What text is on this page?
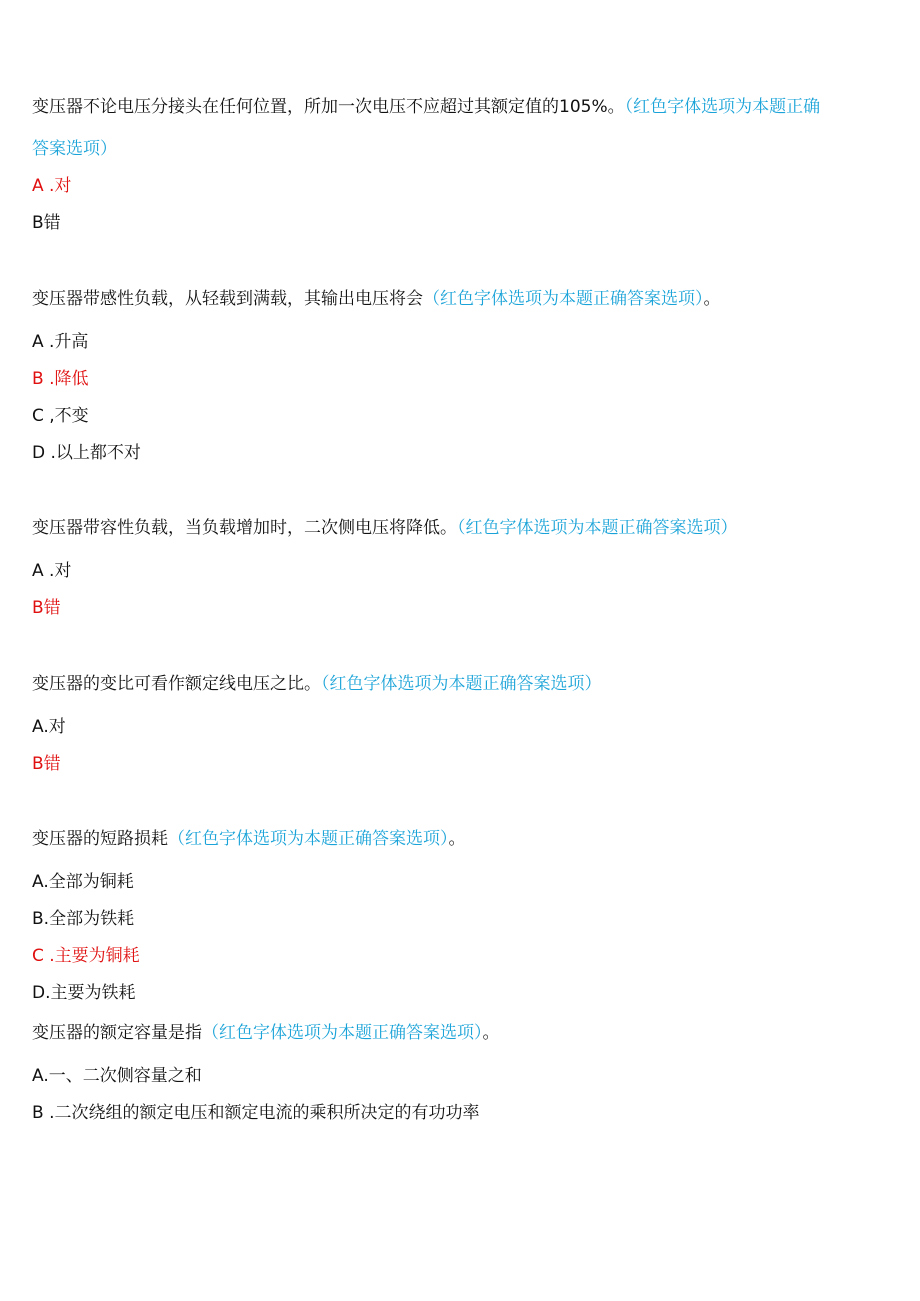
变压器不论电压分接头在任何位置，所加一次电压不应超过其额定值的105%。（红色字体选项为本题正确答案选项）
A .对
B错
变压器带感性负载，从轻载到满载，其输出电压将会（红色字体选项为本题正确答案选项）。
A .升高
B .降低
C ,不变
D .以上都不对
变压器带容性负载，当负载增加时，二次侧电压将降低。（红色字体选项为本题正确答案选项）
A .对
B错
变压器的变比可看作额定线电压之比。（红色字体选项为本题正确答案选项）
A.对
B错
变压器的短路损耗（红色字体选项为本题正确答案选项）。
A.全部为铜耗
B.全部为铁耗
C .主要为铜耗
D.主要为铁耗
变压器的额定容量是指（红色字体选项为本题正确答案选项）。
A.一、二次侧容量之和
B .二次绕组的额定电压和额定电流的乘积所决定的有功功率
